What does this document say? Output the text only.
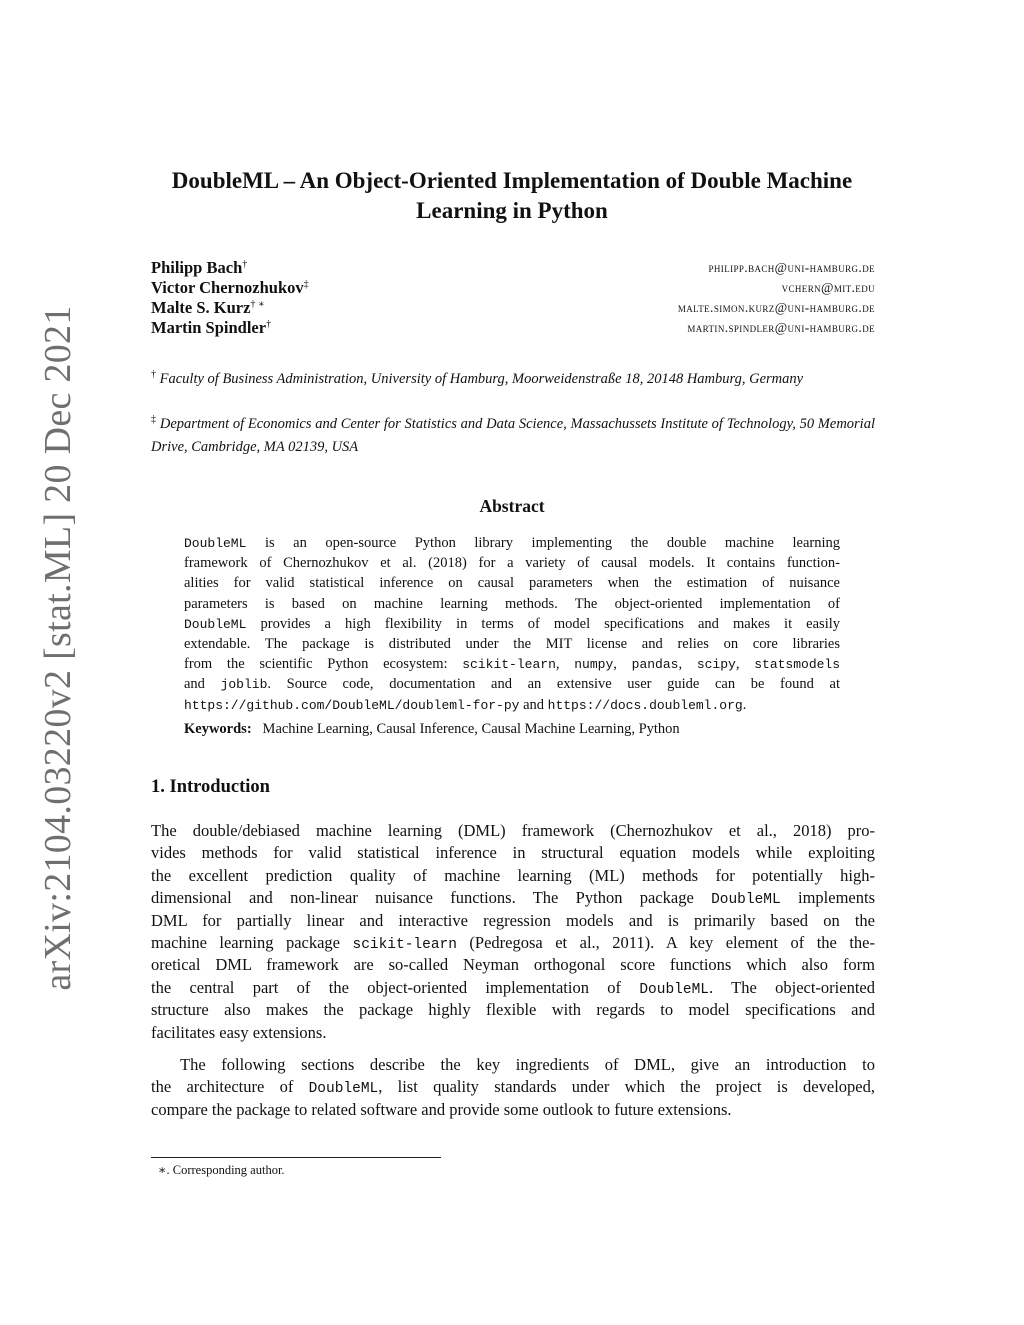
arXiv:2104.03220v2 [stat.ML] 20 Dec 2021
DoubleML – An Object-Oriented Implementation of Double Machine Learning in Python
Philipp Bach†	philipp.bach@uni-hamburg.de
Victor Chernozhukov‡	vchern@mit.edu
Malte S. Kurz† ∗	malte.simon.kurz@uni-hamburg.de
Martin Spindler†	martin.spindler@uni-hamburg.de
† Faculty of Business Administration, University of Hamburg, Moorweidenstraße 18, 20148 Hamburg, Germany
‡ Department of Economics and Center for Statistics and Data Science, Massachussets Institute of Technology, 50 Memorial Drive, Cambridge, MA 02139, USA
Abstract
DoubleML is an open-source Python library implementing the double machine learning
framework of Chernozhukov et al. (2018) for a variety of causal models. It contains function-
alities for valid statistical inference on causal parameters when the estimation of nuisance
parameters is based on machine learning methods. The object-oriented implementation of
DoubleML provides a high flexibility in terms of model specifications and makes it easily
extendable. The package is distributed under the MIT license and relies on core libraries
from the scientific Python ecosystem: scikit-learn, numpy, pandas, scipy, statsmodels
and joblib. Source code, documentation and an extensive user guide can be found at
https://github.com/DoubleML/doubleml-for-py and https://docs.doubleml.org.
Keywords: Machine Learning, Causal Inference, Causal Machine Learning, Python
1. Introduction
The double/debiased machine learning (DML) framework (Chernozhukov et al., 2018) pro-
vides methods for valid statistical inference in structural equation models while exploiting
the excellent prediction quality of machine learning (ML) methods for potentially high-
dimensional and non-linear nuisance functions. The Python package DoubleML implements
DML for partially linear and interactive regression models and is primarily based on the
machine learning package scikit-learn (Pedregosa et al., 2011). A key element of the the-
oretical DML framework are so-called Neyman orthogonal score functions which also form
the central part of the object-oriented implementation of DoubleML. The object-oriented
structure also makes the package highly flexible with regards to model specifications and
facilitates easy extensions.
The following sections describe the key ingredients of DML, give an introduction to
the architecture of DoubleML, list quality standards under which the project is developed,
compare the package to related software and provide some outlook to future extensions.
∗. Corresponding author.
